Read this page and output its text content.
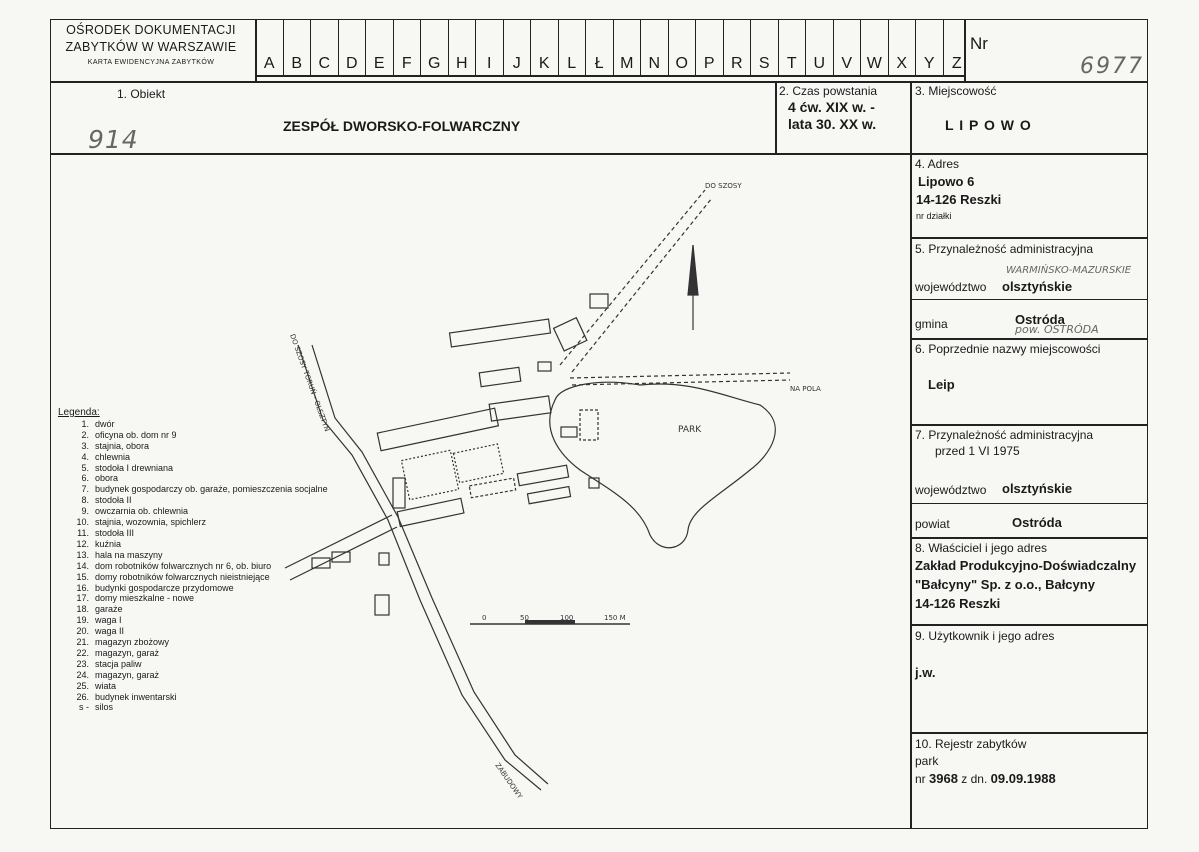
OŚRODEK DOKUMENTACJI
ZABYTKÓW W WARSZAWIE
KARTA EWIDENCYJNA ZABYTKÓW	A	B	C D	E	F	G H	I	J	K	L	Ł	M N O P	R	S	T	U	V W X	Y	Z
Nr
6977
1. Obiekt
914	ZESPÓŁ DWORSKO-FOLWARCZNY
2. Czas powstania
4 ćw. XIX w. -
lata 30. XX w.
3. Miejscowość
L I P O W O
4. Adres
Lipowo 6
14-126 Reszki
nr działki
5. Przynależność administracyjna
WARMIŃSKO-MAZURSKIE
województwo olsztyńskie
gmina	Ostróda
pow. OSTRÓDA
6. Poprzednie nazwy miejscowości
Leip
7. Przynależność administracyjna
przed 1 VI 1975
województwo olsztyńskie
powiat	Ostróda
8. Właściciel i jego adres
Zakład Produkcyjno-Doświadczalny
"Bałcyny" Sp. z o.o., Bałcyny
14-126 Reszki
9. Użytkownik i jego adres
j.w.
10. Rejestr zabytków
park
nr 3968 z dn. 09.09.1988
Legenda:
1. dwór
2. oficyna ob. dom nr 9
3. stajnia, obora
4. chlewnia
5. stodoła I drewniana
6. obora
7. budynek gospodarczy ob. garaże, pomieszczenia socjalne
8. stodoła II
9. owczarnia ob. chlewnia
10. stajnia, wozownia, spichlerz
11. stodoła III
12. kuźnia
13. hala na maszyny
14. dom robotników folwarcznych nr 6, ob. biuro
15. domy robotników folwarcznych nieistniejące
16. budynki gospodarcze przydomowe
17. domy mieszkalne - nowe
18. garaże
19. waga I
20. waga II
21. magazyn zbożowy
22. magazyn, garaż
23. stacja paliw
24. magazyn, garaż
25. wiata
26. budynek inwentarski
s - silos
PARK
NA POLA
DO SZOSY
DO SZOSY TORUŃ - OLSZTYN
ZABUDOWY
0	50	100	150 M
